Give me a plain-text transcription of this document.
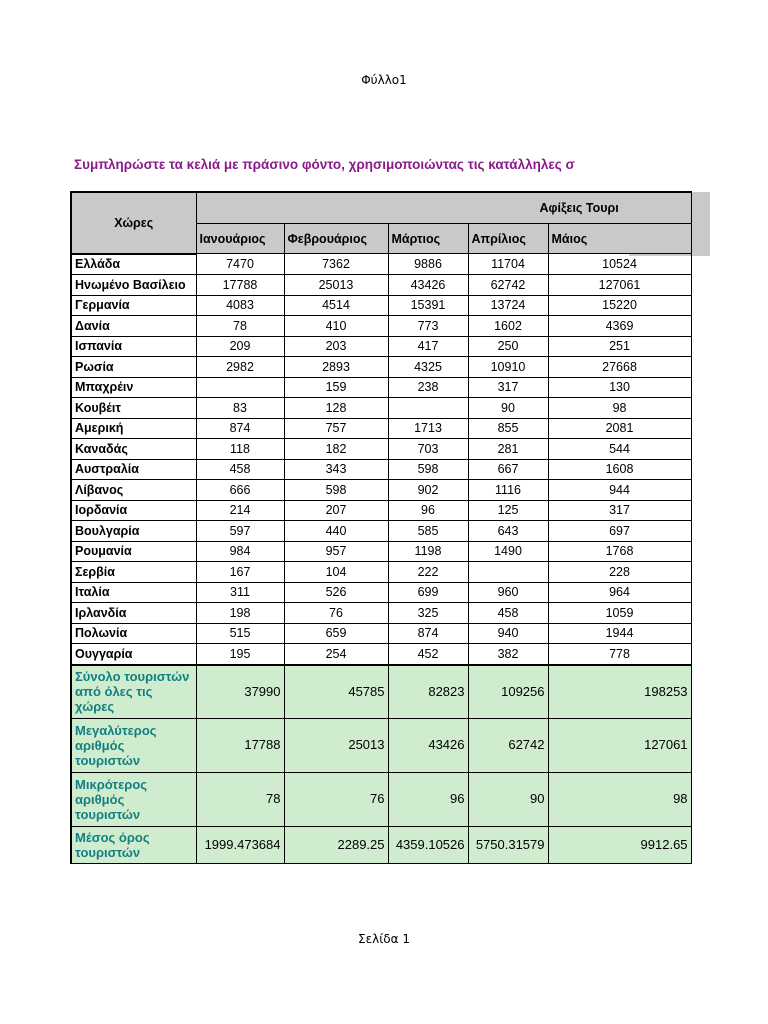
Φύλλο1
Συμπληρώστε τα κελιά με πράσινο φόντο, χρησιμοποιώντας τις κατάλληλες σ
Χώρες	Αφίξεις Τουρι					
	Ιανουάριος	Φεβρουάριος	Μάρτιος	Απρίλιος	Μάιος	
Ελλάδα	7470	7362	9886	11704	10524	
Ηνωμένο Βασίλειο	17788	25013	43426	62742	127061	
Γερμανία	4083	4514	15391	13724	15220	
Δανία	78	410	773	1602	4369	
Ισπανία	209	203	417	250	251	
Ρωσία	2982	2893	4325	10910	27668	
Μπαχρέιν		159	238	317	130	
Κουβέιτ	83	128		90	98	
Αμερική	874	757	1713	855	2081	
Καναδάς	118	182	703	281	544	
Αυστραλία	458	343	598	667	1608	
Λίβανος	666	598	902	1116	944	
Ιορδανία	214	207	96	125	317	
Βουλγαρία	597	440	585	643	697	
Ρουμανία	984	957	1198	1490	1768	
Σερβία	167	104	222		228	
Ιταλία	311	526	699	960	964	
Ιρλανδία	198	76	325	458	1059	
Πολωνία	515	659	874	940	1944	
Ουγγαρία	195	254	452	382	778	
Σύνολο τουριστών από όλες τις χώρες	37990	45785	82823	109256	198253	
Μεγαλύτερος αριθμός τουριστών	17788	25013	43426	62742	127061	
Μικρότερος αριθμός τουριστών	78	76	96	90	98	
Μέσος όρος τουριστών	1999.473684	2289.25	4359.10526	5750.31579	9912.65	
Σελίδα 1
